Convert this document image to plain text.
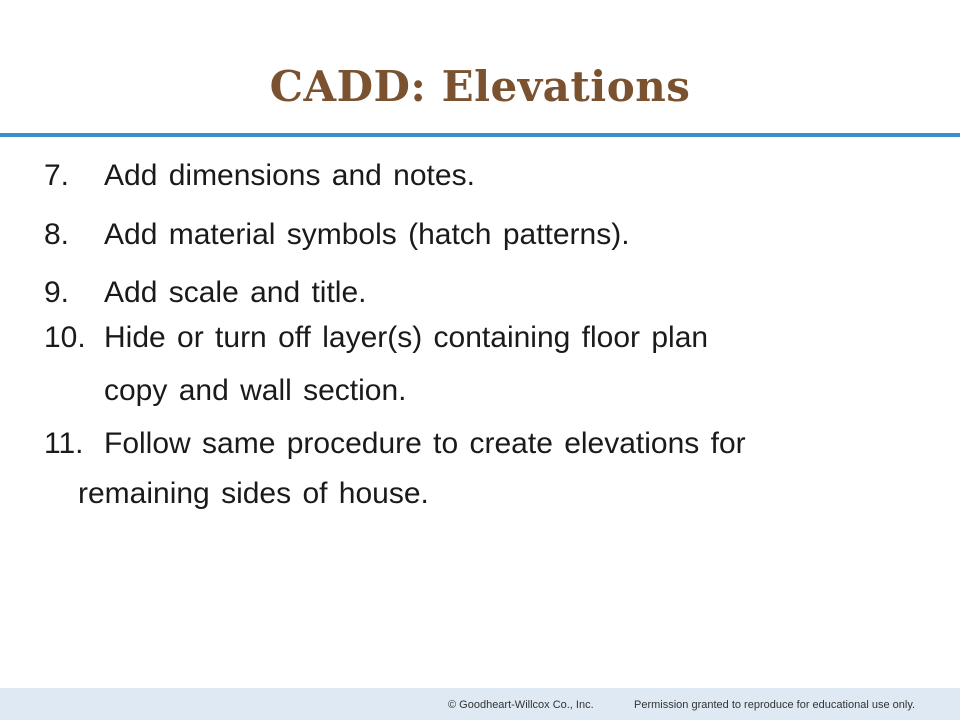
CADD: Elevations
7. Add dimensions and notes.
8. Add material symbols (hatch patterns).
9. Add scale and title.
10. Hide or turn off layer(s) containing floor plan
copy and wall section.
11. Follow same procedure to create elevations for
remaining sides of house.
© Goodheart-Willcox Co., Inc.	Permission granted to reproduce for educational use only.
